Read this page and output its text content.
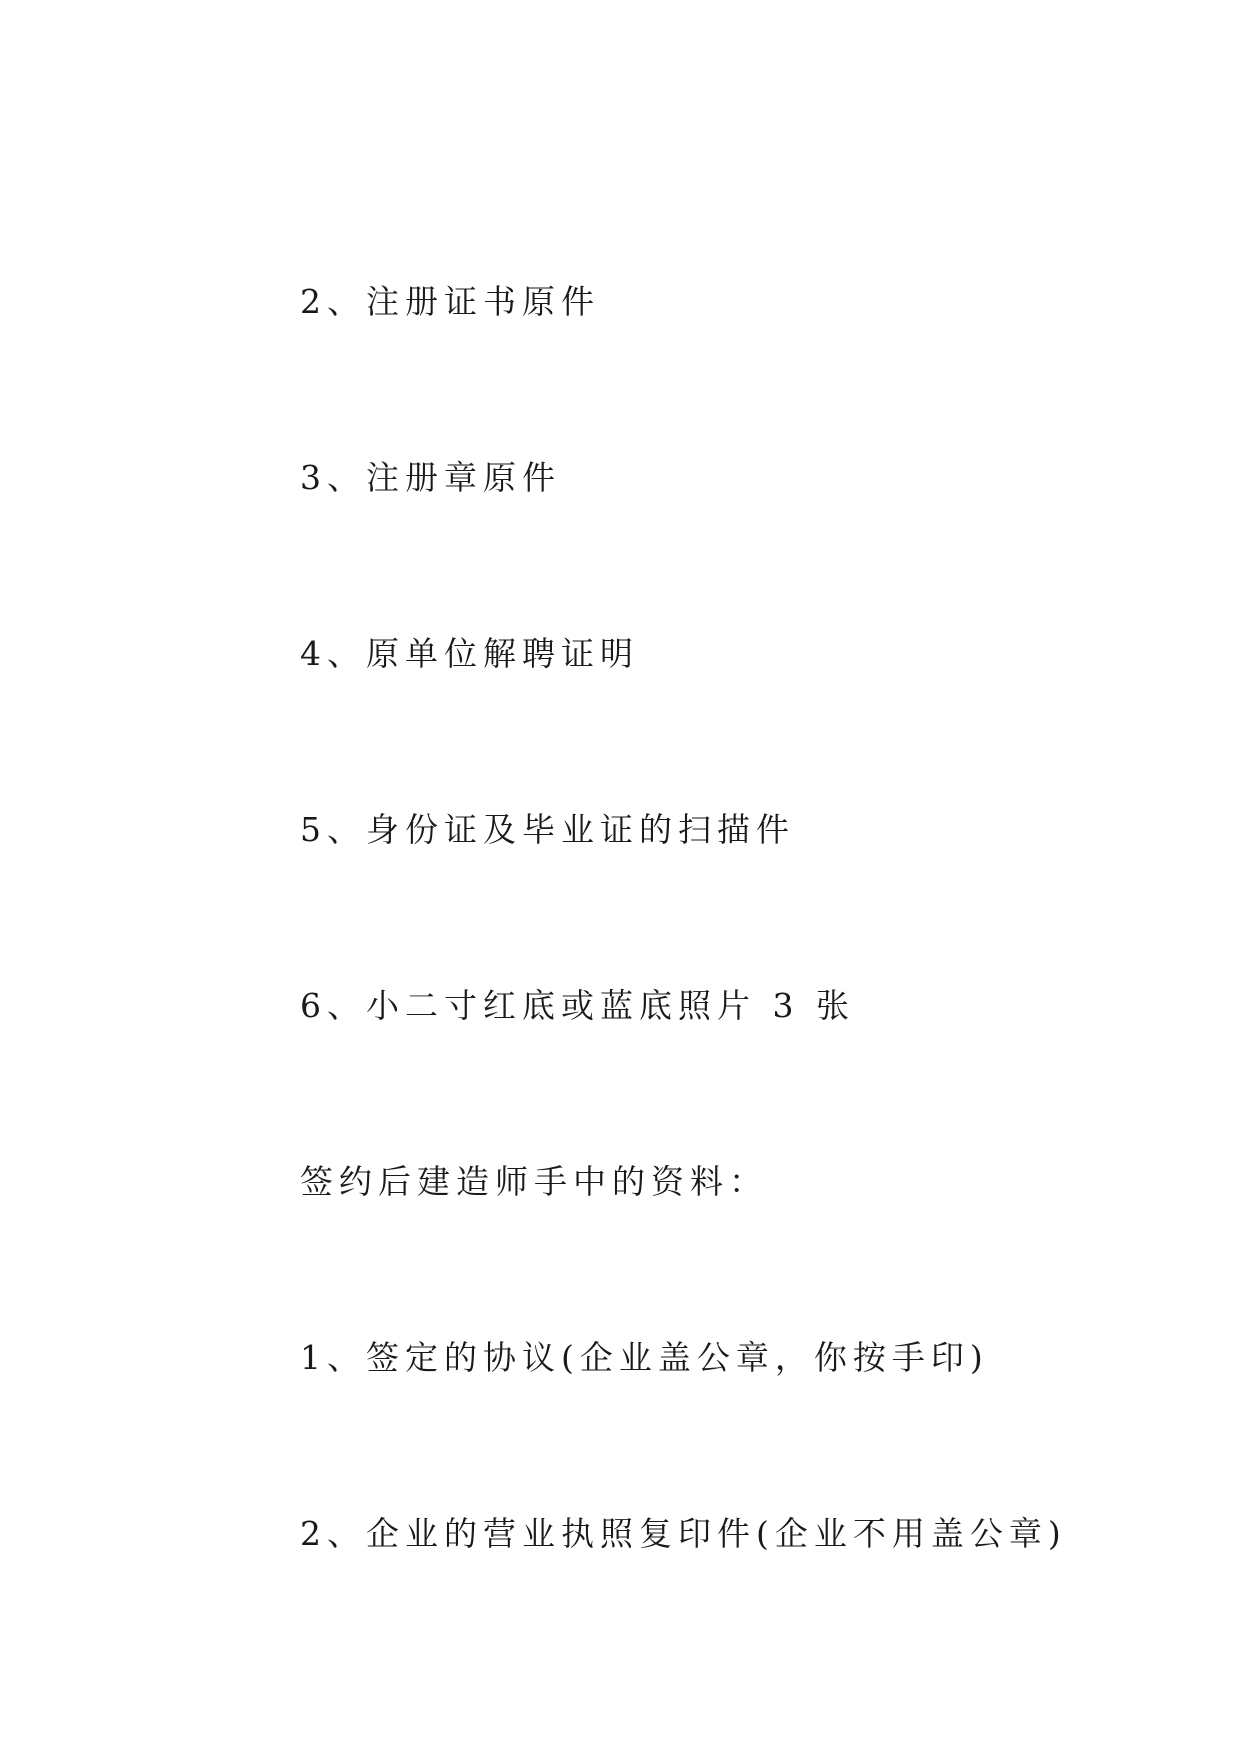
2、注册证书原件
3、注册章原件
4、原单位解聘证明
5、身份证及毕业证的扫描件
6、小二寸红底或蓝底照片 3 张
签约后建造师手中的资料：
1、签定的协议(企业盖公章，你按手印)
2、企业的营业执照复印件(企业不用盖公章)
